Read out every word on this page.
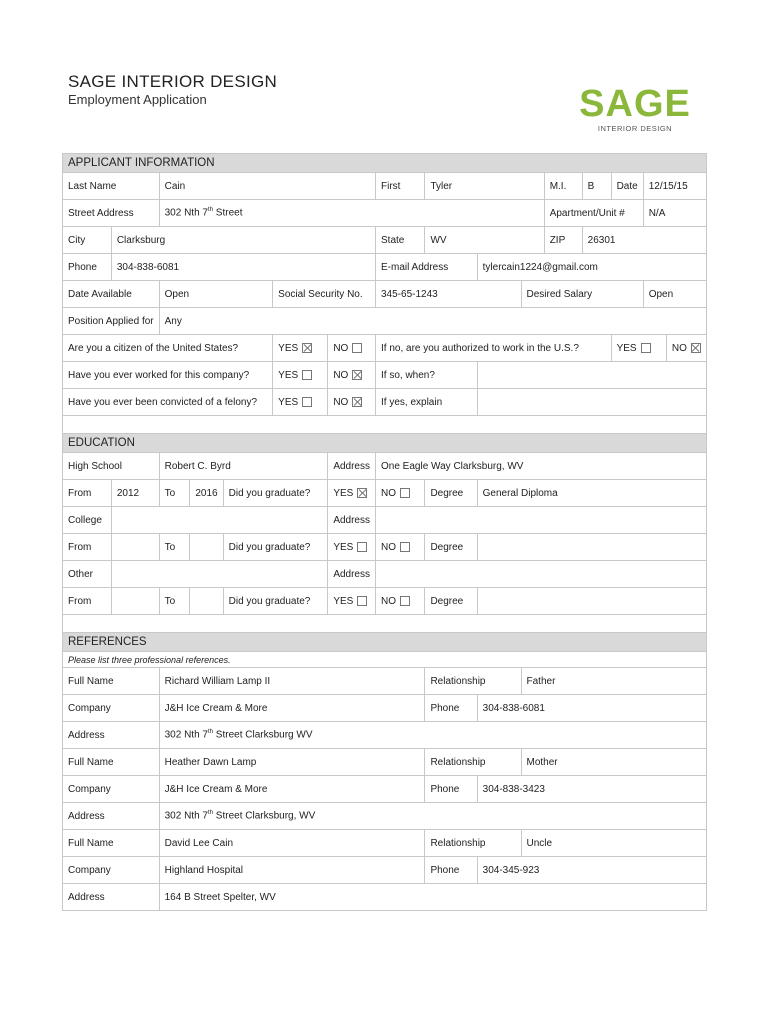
SAGE INTERIOR DESIGN
Employment Application	SAGE
INTERIOR DESIGN
APPLICANT INFORMATION															
Last Name		Cain					First	Tyler			M.I.	B	Date	12/15/15	
Street Address		302 Nth 7th Street									Apartment/Unit #			N/A	
City	Clarksburg						State	WV			ZIP	26301			
Phone	304-838-6081						E-mail Address		tylercain1224@gmail.com						
Date Available		Open			Social Security No.		345-65-1243			Desired Salary				Open	
Position Applied for		Any													
Are you a citizen of the United States?					YES	NO	If no, are you authorized to work in the U.S.?						YES		NO
Have you ever worked for this company?					YES	NO	If so, when?								
Have you ever been convicted of a felony?					YES	NO	If yes, explain								

EDUCATION															
High School		Robert C. Byrd				Address	One Eagle Way Clarksburg, WV								
From	2012	To	2016	Did you graduate?		YES	NO	Degree	General Diploma						
College						Address									
From		To		Did you graduate?		YES	NO	Degree							
Other						Address									
From		To		Did you graduate?		YES	NO	Degree							

REFERENCES															
Please list three professional references.															
Full Name		Richard William Lamp II						Relationship		Father					
Company		J&H Ice Cream & More						Phone	304-838-6081						
Address		302 Nth 7th Street Clarksburg WV													
Full Name		Heather Dawn Lamp						Relationship		Mother					
Company		J&H Ice Cream & More						Phone	304-838-3423						
Address		302 Nth 7th Street Clarksburg, WV													
Full Name		David Lee Cain						Relationship		Uncle					
Company		Highland Hospital						Phone	304-345-923						
Address		164 B Street Spelter, WV													
